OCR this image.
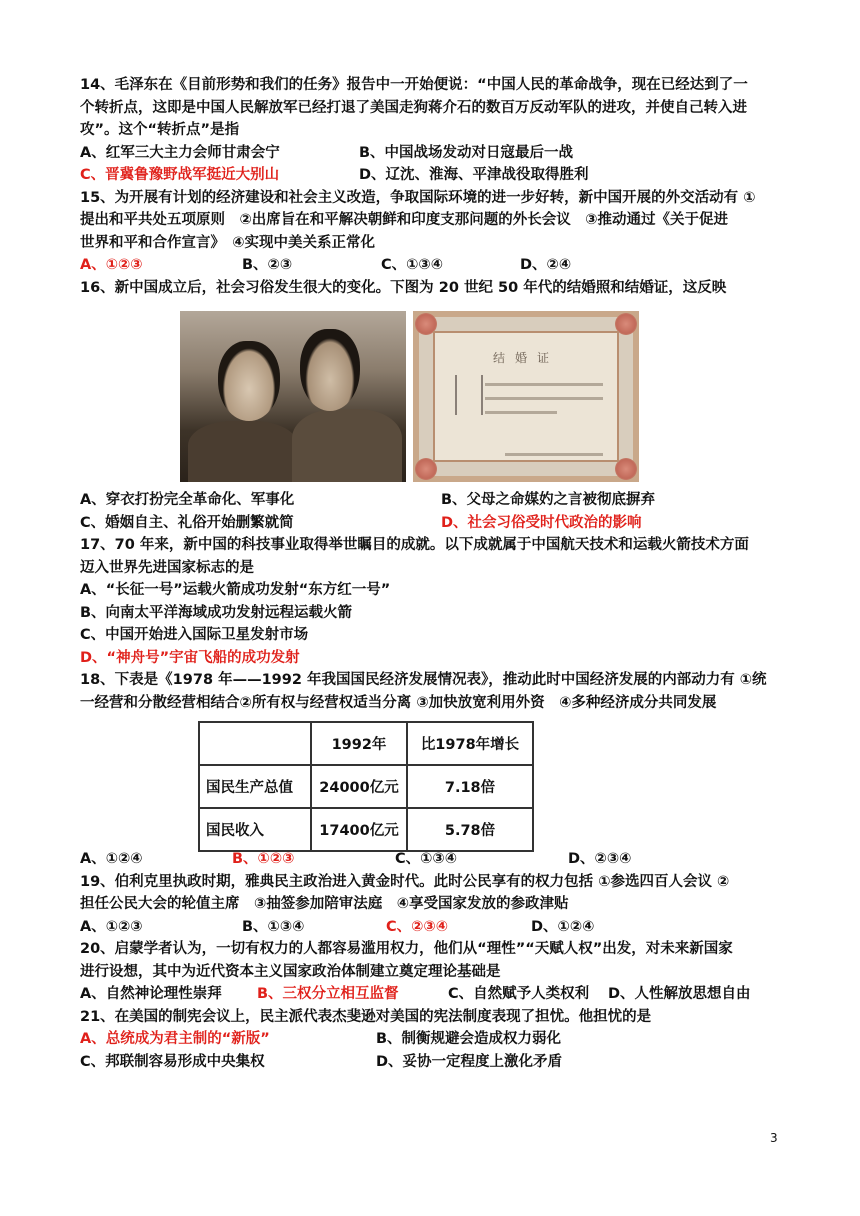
14、毛泽东在《目前形势和我们的任务》报告中一开始便说：“中国人民的革命战争，现在已经达到了一
个转折点，这即是中国人民解放军已经打退了美国走狗蒋介石的数百万反动军队的进攻，并使自己转入进
攻”。这个“转折点”是指
A、红军三大主力会师甘肃会宁	B、中国战场发动对日寇最后一战
C、晋冀鲁豫野战军挺近大别山	D、辽沈、淮海、平津战役取得胜利
15、为开展有计划的经济建设和社会主义改造，争取国际环境的进一步好转，新中国开展的外交活动有 ①
提出和平共处五项原则　②出席旨在和平解决朝鲜和印度支那问题的外长会议　③推动通过《关于促进
世界和平和合作宣言》　④实现中美关系正常化
A、①②③	B、②③	C、①③④	D、②④
16、新中国成立后，社会习俗发生很大的变化。下图为 20 世纪 50 年代的结婚照和结婚证，这反映
结婚证
A、穿衣打扮完全革命化、军事化	B、父母之命媒妁之言被彻底摒弃
C、婚姻自主、礼俗开始删繁就简	D、社会习俗受时代政治的影响
17、70 年来，新中国的科技事业取得举世瞩目的成就。以下成就属于中国航天技术和运载火箭技术方面
迈入世界先进国家标志的是
A、“长征一号”运载火箭成功发射“东方红一号”
B、向南太平洋海域成功发射远程运载火箭
C、中国开始进入国际卫星发射市场
D、“神舟号”宇宙飞船的成功发射
18、下表是《1978 年——1992 年我国国民经济发展情况表》，推动此时中国经济发展的内部动力有 ①统
一经营和分散经营相结合②所有权与经营权适当分离 ③加快放宽利用外资　④多种经济成分共同发展
	1992年	比1978年增长
国民生产总值	24000亿元	7.18倍
国民收入	17400亿元	5.78倍
A、①②④	B、①②③	C、①③④	D、②③④
19、伯利克里执政时期，雅典民主政治进入黄金时代。此时公民享有的权力包括 ①参选四百人会议 ②
担任公民大会的轮值主席　③抽签参加陪审法庭　④享受国家发放的参政津贴
A、①②③	B、①③④	C、②③④	D、①②④
20、启蒙学者认为，一切有权力的人都容易滥用权力，他们从“理性”“天赋人权”出发，对未来新国家
进行设想，其中为近代资本主义国家政治体制建立奠定理论基础是
A、自然神论理性崇拜 B、三权分立相互监督	C、自然赋予人类权利 D、人性解放思想自由
21、在美国的制宪会议上，民主派代表杰斐逊对美国的宪法制度表现了担忧。他担忧的是
A、总统成为君主制的“新版”	B、制衡规避会造成权力弱化
C、邦联制容易形成中央集权	D、妥协一定程度上激化矛盾
3
